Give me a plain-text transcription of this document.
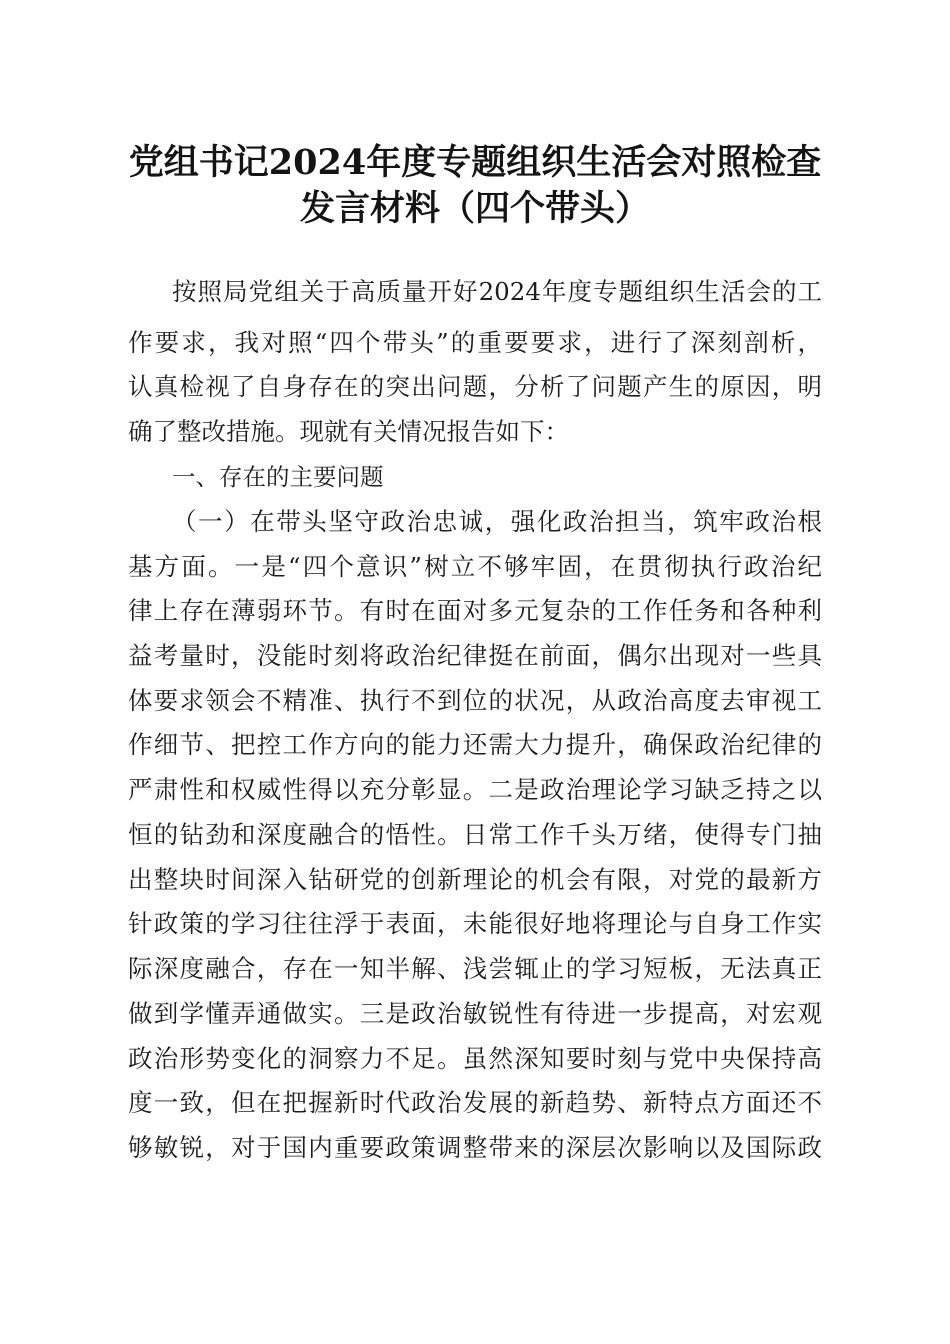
党组书记2024年度专题组织生活会对照检查
发言材料（四个带头）
按照局党组关于高质量开好2024年度专题组织生活会的工
作要求，我对照“四个带头”的重要要求，进行了深刻剖析，
认真检视了自身存在的突出问题，分析了问题产生的原因，明
确了整改措施。现就有关情况报告如下：
一、存在的主要问题
（一）在带头坚守政治忠诚，强化政治担当，筑牢政治根
基方面。一是“四个意识”树立不够牢固，在贯彻执行政治纪
律上存在薄弱环节。有时在面对多元复杂的工作任务和各种利
益考量时，没能时刻将政治纪律挺在前面，偶尔出现对一些具
体要求领会不精准、执行不到位的状况，从政治高度去审视工
作细节、把控工作方向的能力还需大力提升，确保政治纪律的
严肃性和权威性得以充分彰显。二是政治理论学习缺乏持之以
恒的钻劲和深度融合的悟性。日常工作千头万绪，使得专门抽
出整块时间深入钻研党的创新理论的机会有限，对党的最新方
针政策的学习往往浮于表面，未能很好地将理论与自身工作实
际深度融合，存在一知半解、浅尝辄止的学习短板，无法真正
做到学懂弄通做实。三是政治敏锐性有待进一步提高，对宏观
政治形势变化的洞察力不足。虽然深知要时刻与党中央保持高
度一致，但在把握新时代政治发展的新趋势、新特点方面还不
够敏锐，对于国内重要政策调整带来的深层次影响以及国际政
